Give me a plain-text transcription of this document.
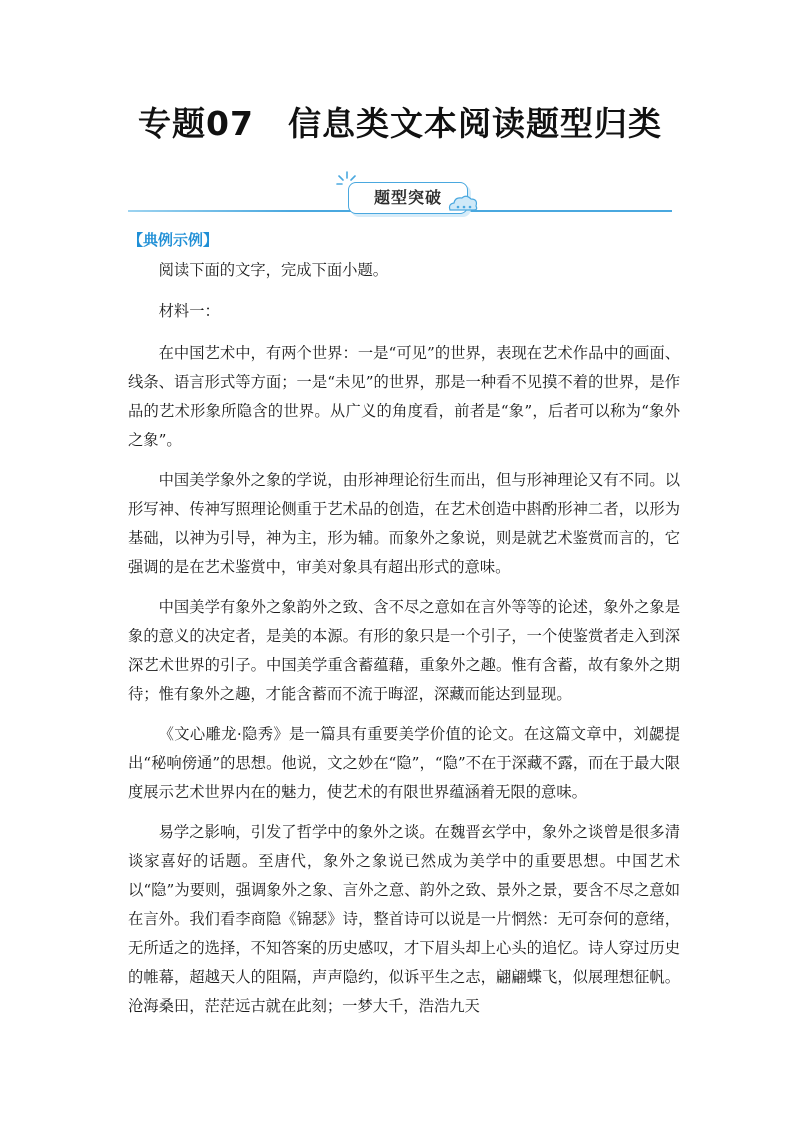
专题07　信息类文本阅读题型归类
题型突破
【典例示例】

阅读下面的文字，完成下面小题。

材料一：

在中国艺术中，有两个世界：一是“可见”的世界，表现在艺术作品中的画面、线条、语言形式等方面；一是“未见”的世界，那是一种看不见摸不着的世界，是作品的艺术形象所隐含的世界。从广义的角度看，前者是“象”，后者可以称为“象外之象”。

中国美学象外之象的学说，由形神理论衍生而出，但与形神理论又有不同。以形写神、传神写照理论侧重于艺术品的创造，在艺术创造中斟酌形神二者，以形为基础，以神为引导，神为主，形为辅。而象外之象说，则是就艺术鉴赏而言的，它强调的是在艺术鉴赏中，审美对象具有超出形式的意味。

中国美学有象外之象韵外之致、含不尽之意如在言外等等的论述，象外之象是象的意义的决定者，是美的本源。有形的象只是一个引子，一个使鉴赏者走入到深深艺术世界的引子。中国美学重含蓄蕴藉，重象外之趣。惟有含蓄，故有象外之期待；惟有象外之趣，才能含蓄而不流于晦涩，深藏而能达到显现。

《文心雕龙·隐秀》是一篇具有重要美学价值的论文。在这篇文章中，刘勰提出“秘响傍通”的思想。他说，文之妙在“隐”，“隐”不在于深藏不露，而在于最大限度展示艺术世界内在的魅力，使艺术的有限世界蕴涵着无限的意味。

易学之影响，引发了哲学中的象外之谈。在魏晋玄学中，象外之谈曾是很多清谈家喜好的话题。至唐代，象外之象说已然成为美学中的重要思想。中国艺术以“隐”为要则，强调象外之象、言外之意、韵外之致、景外之景，要含不尽之意如在言外。我们看李商隐《锦瑟》诗，整首诗可以说是一片惘然：无可奈何的意绪，无所适之的选择，不知答案的历史感叹，才下眉头却上心头的追忆。诗人穿过历史的帷幕，超越天人的阻隔，声声隐约，似诉平生之志，翩翩蝶飞，似展理想征帆。沧海桑田，茫茫远古就在此刻；一梦大千，浩浩九天
